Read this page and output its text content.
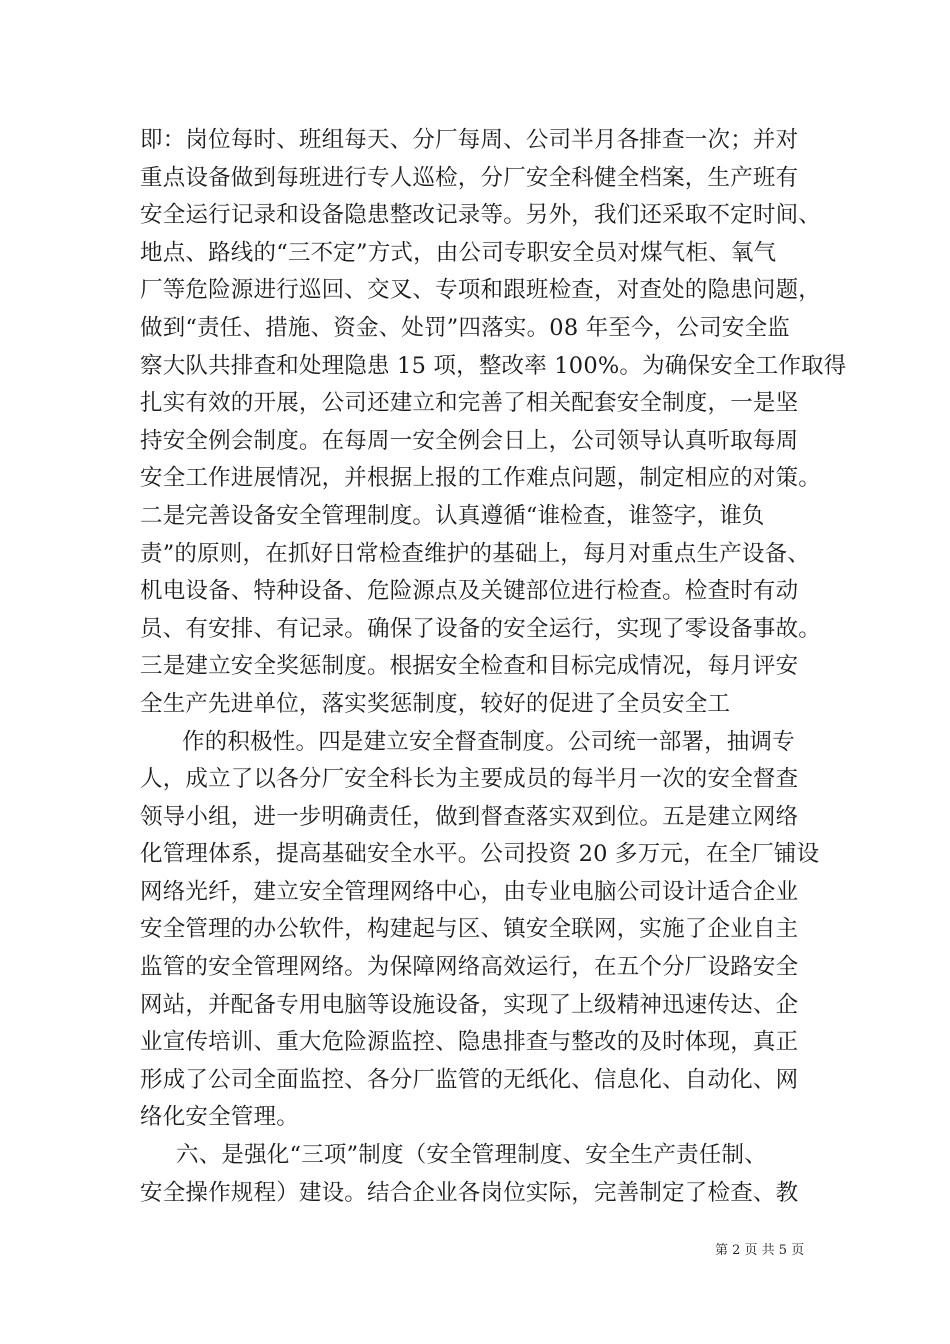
即：岗位每时、班组每天、分厂每周、公司半月各排查一次；并对
重点设备做到每班进行专人巡检，分厂安全科健全档案，生产班有
安全运行记录和设备隐患整改记录等。另外，我们还采取不定时间、
地点、路线的“三不定”方式，由公司专职安全员对煤气柜、氧气
厂等危险源进行巡回、交叉、专项和跟班检查，对查处的隐患问题，
做到“责任、措施、资金、处罚”四落实。08 年至今，公司安全监
察大队共排查和处理隐患 15 项，整改率 100%。为确保安全工作取得
扎实有效的开展，公司还建立和完善了相关配套安全制度，一是坚
持安全例会制度。在每周一安全例会日上，公司领导认真听取每周
安全工作进展情况，并根据上报的工作难点问题，制定相应的对策。
二是完善设备安全管理制度。认真遵循“谁检查，谁签字，谁负
责”的原则，在抓好日常检查维护的基础上，每月对重点生产设备、
机电设备、特种设备、危险源点及关键部位进行检查。检查时有动
员、有安排、有记录。确保了设备的安全运行，实现了零设备事故。
三是建立安全奖惩制度。根据安全检查和目标完成情况，每月评安
全生产先进单位，落实奖惩制度，较好的促进了全员安全工
作的积极性。四是建立安全督查制度。公司统一部署，抽调专
人，成立了以各分厂安全科长为主要成员的每半月一次的安全督查
领导小组，进一步明确责任，做到督查落实双到位。五是建立网络
化管理体系，提高基础安全水平。公司投资 20 多万元，在全厂铺设
网络光纤，建立安全管理网络中心，由专业电脑公司设计适合企业
安全管理的办公软件，构建起与区、镇安全联网，实施了企业自主
监管的安全管理网络。为保障网络高效运行，在五个分厂设路安全
网站，并配备专用电脑等设施设备，实现了上级精神迅速传达、企
业宣传培训、重大危险源监控、隐患排查与整改的及时体现，真正
形成了公司全面监控、各分厂监管的无纸化、信息化、自动化、网
络化安全管理。
六、是强化“三项”制度（安全管理制度、安全生产责任制、
安全操作规程）建设。结合企业各岗位实际，完善制定了检查、教
第 2 页 共 5 页
